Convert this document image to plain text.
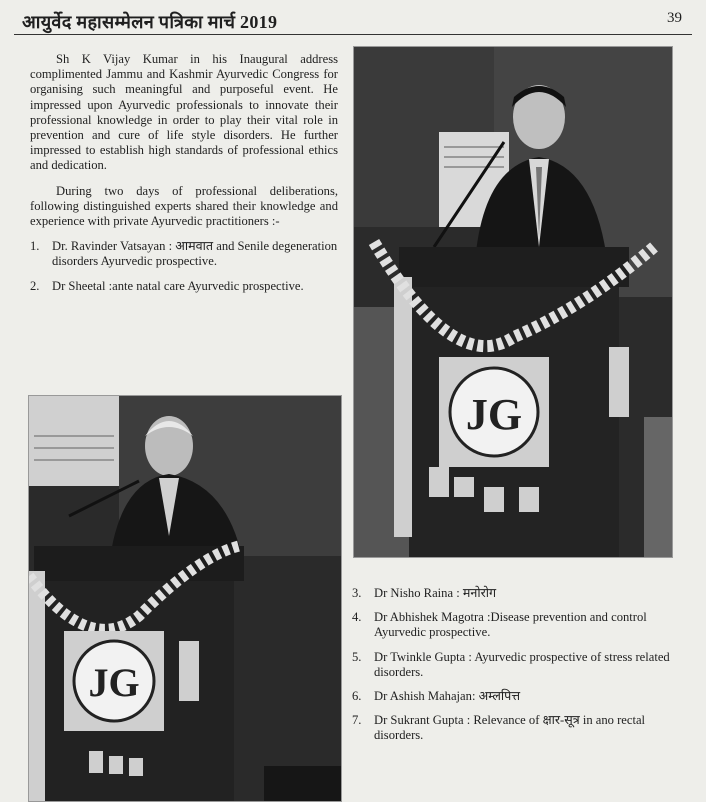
आयुर्वेद महासम्मेलन पत्रिका मार्च 2019	39

Sh K Vijay Kumar in his Inaugural address complimented Jammu and Kashmir Ayurvedic Congress for organising such meaningful and purposeful event. He impressed upon Ayurvedic professionals to innovate their professional knowledge in order to play their vital role in prevention and cure of life style disorders. He further impressed to establish high standards of professional ethics and dedication.

During two days of professional deliberations, following distinguished experts shared their knowledge and experience with private Ayurvedic practitioners :-

1. Dr. Ravinder Vatsayan : आमवात and Senile degeneration disorders Ayurvedic prospective.
2. Dr Sheetal :ante natal care Ayurvedic prospective.
JG
JG
3. Dr Nisho Raina : मनोरोग
4. Dr Abhishek Magotra :Disease prevention and control Ayurvedic prospective.
5. Dr Twinkle Gupta : Ayurvedic prospective of stress related disorders.
6. Dr Ashish Mahajan: अम्लपित्त
7. Dr Sukrant Gupta : Relevance of क्षार-सूत्र in ano rectal disorders.
